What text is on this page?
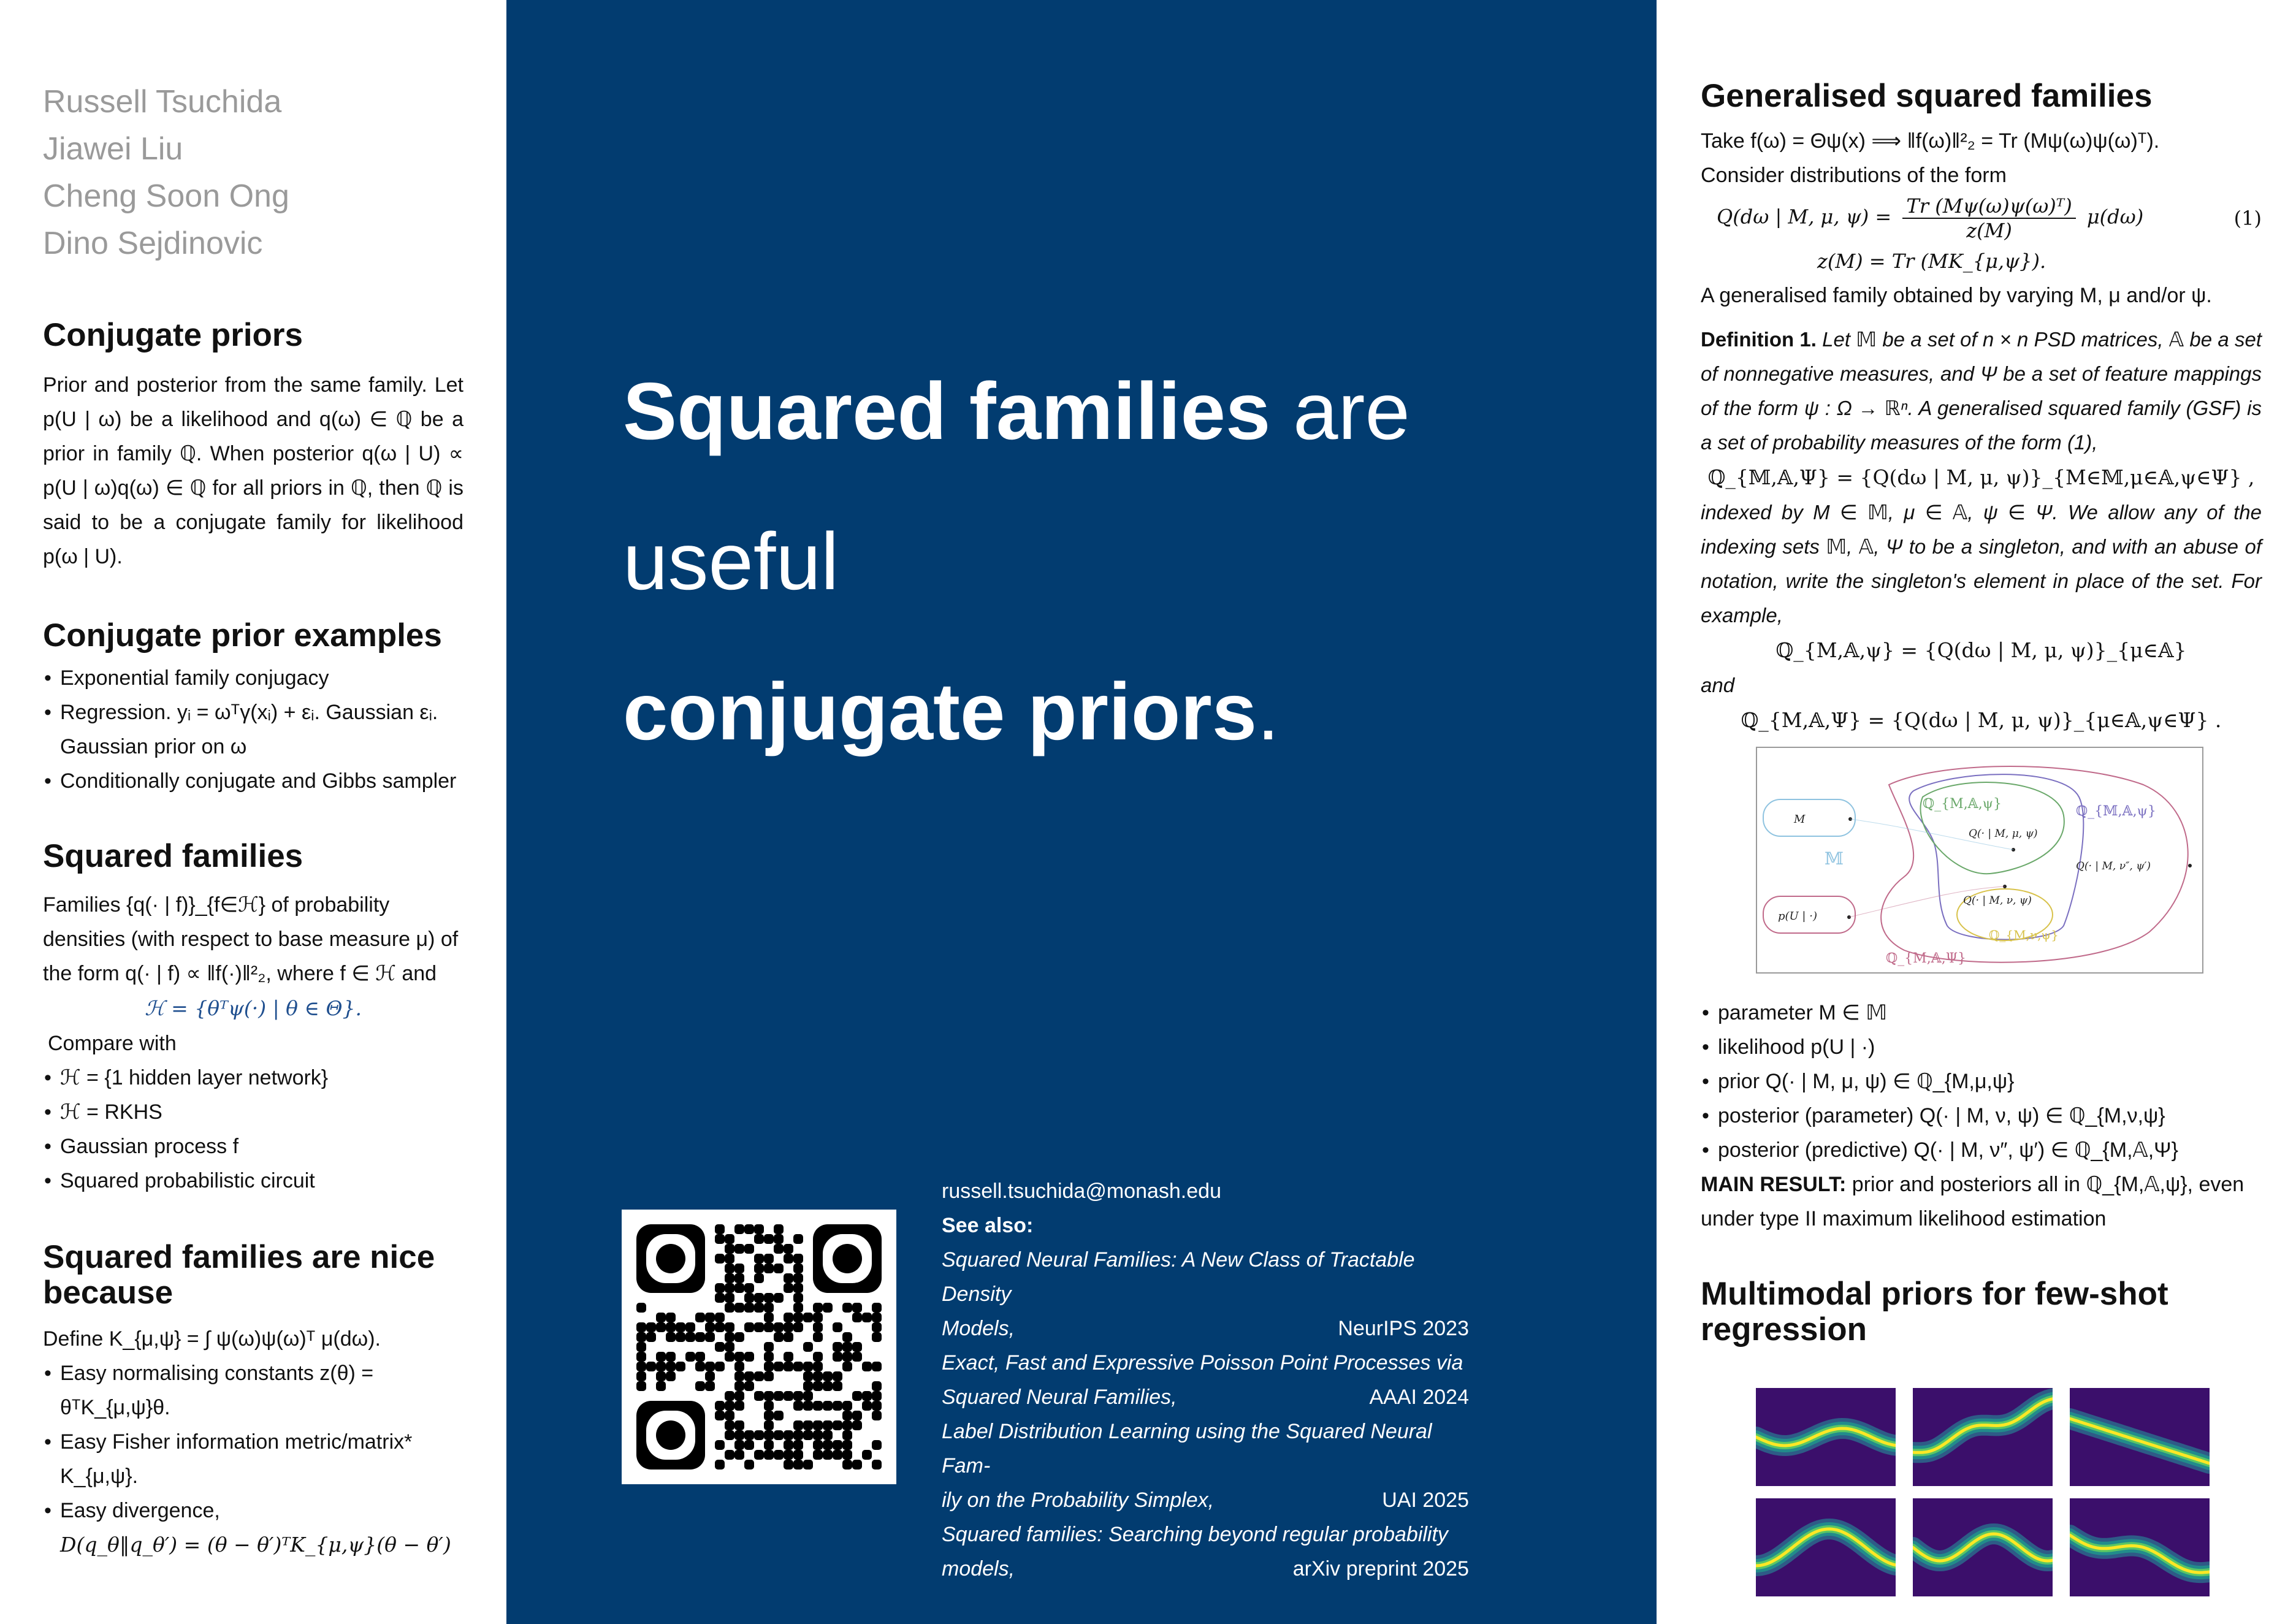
Russell Tsuchida
Jiawei Liu
Cheng Soon Ong
Dino Sejdinovic
Conjugate priors

Prior and posterior from the same family. Let p(U | ω) be a likelihood and q(ω) ∈ ℚ be a prior in family ℚ. When posterior q(ω | U) ∝ p(U | ω)q(ω) ∈ ℚ for all priors in ℚ, then ℚ is said to be a conjugate family for likelihood p(ω | U).

Conjugate prior examples
• Exponential family conjugacy
• Regression. yᵢ = ωᵀγ(xᵢ) + εᵢ. Gaussian εᵢ. Gaussian prior on ω
• Conditionally conjugate and Gibbs sampler
Squared families

Families {q(· | f)}_{f∈ℋ} of probability densities (with respect to base measure μ) of the form q(· | f) ∝ ‖f(·)‖²₂, where f ∈ ℋ and

ℋ = {θᵀψ(·) | θ ∈ Θ}.

Compare with

• ℋ = {1 hidden layer network}
• ℋ = RKHS
• Gaussian process f
• Squared probabilistic circuit
Squared families are nice because

Define K_{μ,ψ} = ∫ ψ(ω)ψ(ω)ᵀ μ(dω).

• Easy normalising constants z(θ) = θᵀK_{μ,ψ}θ.
• Easy Fisher information metric/matrix* K_{μ,ψ}.
• Easy divergence,

D(q_θ‖q_θ′) = (θ − θ′)ᵀK_{μ,ψ}(θ − θ′)

Squared families are useful
conjugate priors.
russell.tsuchida@monash.edu
See also:
Squared Neural Families: A New Class of Tractable Density
Models,	NeurIPS 2023
Exact, Fast and Expressive Poisson Point Processes via
Squared Neural Families,	AAAI 2024
Label Distribution Learning using the Squared Neural Fam-
ily on the Probability Simplex,	UAI 2025
Squared families: Searching beyond regular probability
models,	arXiv preprint 2025
Generalised squared families

Take f(ω) = Θψ(x) ⟹ ‖f(ω)‖²₂ = Tr (Mψ(ω)ψ(ω)ᵀ).

Consider distributions of the form

Q(dω | M, μ, $\psi) = \frac{\text{Tr (Mψ(ω)ψ(ω)ᵀ)}}{z(M)} \mu(d\omega)$	(1)
z(M) = Tr (MK_{μ,ψ}).

A generalised family obtained by varying M, μ and/or ψ.

Definition 1. Let 𝕄 be a set of n × n PSD matrices, 𝔸 be a set of nonnegative measures, and Ψ be a set of feature mappings of the form ψ : Ω → ℝⁿ. A generalised squared family (GSF) is a set of probability measures of the form (1),
ℚ_{𝕄,𝔸,Ψ} = {Q(dω | M, μ, ψ)}_{M∈𝕄,μ∈𝔸,ψ∈Ψ} ,
indexed by M ∈ 𝕄, μ ∈ 𝔸, ψ ∈ Ψ. We allow any of the indexing sets 𝕄, 𝔸, Ψ to be a singleton, and with an abuse of notation, write the singleton's element in place of the set. For example,
ℚ_{M,𝔸,ψ} = {Q(dω | M, μ, ψ)}_{μ∈𝔸}
and
ℚ_{M,𝔸,Ψ} = {Q(dω | M, μ, ψ)}_{μ∈𝔸,ψ∈Ψ} .
𝕄
M
p(U | ·)
ℚ_{M,𝔸,Ψ}
ℚ_{𝕄,𝔸,ψ}
ℚ_{M,𝔸,ψ}
Q(· | M, μ, ψ)
ℚ_{M,ν,ψ}
Q(· | M, ν, ψ)
Q(· | M, ν″, ψ′)
• parameter M ∈ 𝕄
• likelihood p(U | ·)
• prior Q(· | M, μ, ψ) ∈ ℚ_{M,μ,ψ}
• posterior (parameter) Q(· | M, ν, ψ) ∈ ℚ_{M,ν,ψ}
• posterior (predictive) Q(· | M, ν″, ψ′) ∈ ℚ_{M,𝔸,Ψ}

MAIN RESULT: prior and posteriors all in ℚ_{M,𝔸,ψ}, even under type II maximum likelihood estimation

Multimodal priors for few-shot regression
